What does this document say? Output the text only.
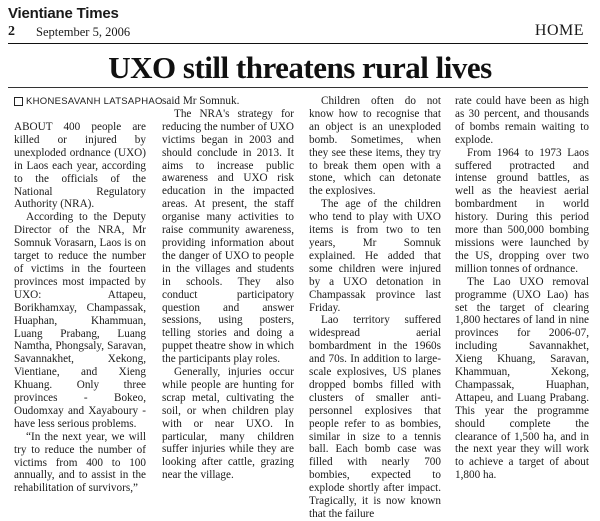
Vientiane Times
2 September 5, 2006	HOME
UXO still threatens rural lives
KHONESAVANH LATSAPHAO

ABOUT 400 people are killed or injured by unexploded ordnance (UXO) in Laos each year, according to the officials of the National Regulatory Authority (NRA).

According to the Deputy Director of the NRA, Mr Somnuk Vorasarn, Laos is on target to reduce the number of victims in the fourteen provinces most impacted by UXO: Attapeu, Borikhamxay, Champassak, Huaphan, Khammuan, Luang Prabang, Luang Namtha, Phongsaly, Saravan, Savannakhet, Xekong, Vientiane, and Xieng Khuang. Only three provinces - Bokeo, Oudomxay and Xayaboury - have less serious problems.

“In the next year, we will try to reduce the number of victims from 400 to 100 annually, and to assist in the rehabilitation of survivors,”

said Mr Somnuk.

The NRA's strategy for reducing the number of UXO victims began in 2003 and should conclude in 2013. It aims to increase public awareness and UXO risk education in the impacted areas. At present, the staff organise many activities to raise community awareness, providing information about the danger of UXO to people in the villages and students in schools. They also conduct participatory question and answer sessions, using posters, telling stories and doing a puppet theatre show in which the participants play roles.

Generally, injuries occur while people are hunting for scrap metal, cultivating the soil, or when children play with or near UXO. In particular, many children suffer injuries while they are looking after cattle, grazing near the village.

Children often do not know how to recognise that an object is an unexploded bomb. Sometimes, when they see these items, they try to break them open with a stone, which can detonate the explosives.

The age of the children who tend to play with UXO items is from two to ten years, Mr Somnuk explained. He added that some children were injured by a UXO detonation in Champassak province last Friday.

Lao territory suffered widespread aerial bombardment in the 1960s and 70s. In addition to large-scale explosives, US planes dropped bombs filled with clusters of smaller anti-personnel explosives that people refer to as bombies, similar in size to a tennis ball. Each bomb case was filled with nearly 700 bombies, expected to explode shortly after impact. Tragically, it is now known that the failure

rate could have been as high as 30 percent, and thousands of bombs remain waiting to explode.

From 1964 to 1973 Laos suffered protracted and intense ground battles, as well as the heaviest aerial bombardment in world history. During this period more than 500,000 bombing missions were launched by the US, dropping over two million tonnes of ordnance.

The Lao UXO removal programme (UXO Lao) has set the target of clearing 1,800 hectares of land in nine provinces for 2006-07, including Savannakhet, Xieng Khuang, Saravan, Khammuan, Xekong, Champassak, Huaphan, Attapeu, and Luang Prabang. This year the programme should complete the clearance of 1,500 ha, and in the next year they will work to achieve a target of about 1,800 ha.
